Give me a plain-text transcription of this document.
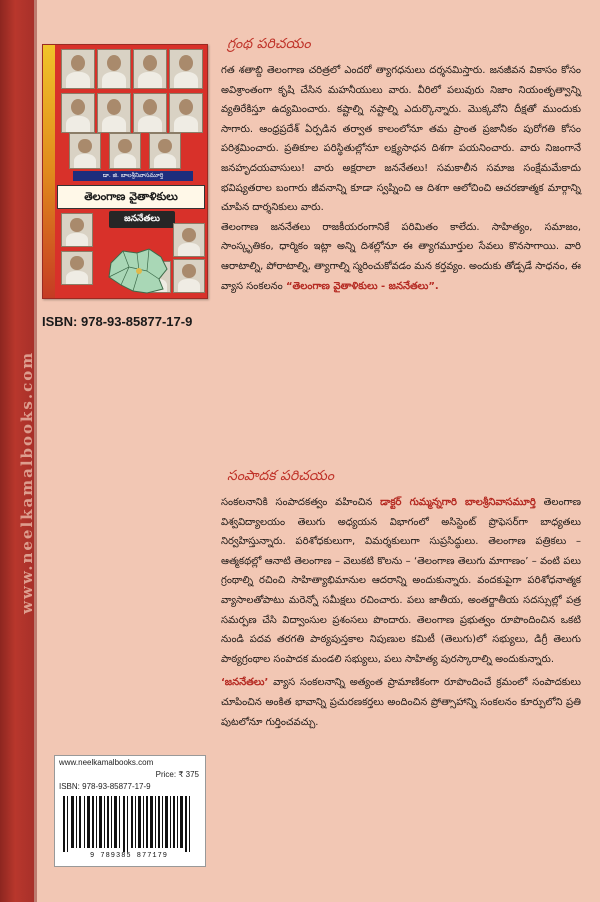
www.neelkamalbooks.com
డా. జి. బాలశ్రీనివాసమూర్తి
తెలంగాణ వైతాళికులు
జననేతలు
ISBN: 978-93-85877-17-9
గ్రంథ పరిచయం

గత శతాబ్ది తెలంగాణ చరిత్రలో ఎందరో త్యాగధనులు దర్శనమిస్తారు. జనజీవన వికాసం కోసం అవిశ్రాంతంగా కృషి చేసిన మహనీయులు వారు. వీరిలో పలువురు నిజాం నియంతృత్వాన్ని వ్యతిరేకిస్తూ ఉద్యమించారు. కష్టాల్ని నష్టాల్ని ఎదుర్కొన్నారు. మొక్కవోని దీక్షతో ముందుకు సాగారు. ఆంధ్రప్రదేశ్ ఏర్పడిన తర్వాత కాలంలోనూ తమ ప్రాంత ప్రజానీకం పురోగతి కోసం పరిశ్రమించారు. ప్రతికూల పరిస్థితుల్లోనూ లక్ష్యసాధన దిశగా పయనించారు. వారు నిజంగానే జనహృదయవాసులు! వారు అక్షరాలా జననేతలు! సమకాలీన సమాజ సంక్షేమమేకాదు భవిష్యతరాల బంగారు జీవనాన్ని కూడా స్వప్నించి ఆ దిశగా ఆలోచించి ఆచరణాత్మక మార్గాన్ని చూపిన దార్శనికులు వారు.

తెలంగాణ జననేతలు రాజకీయరంగానికే పరిమితం కాలేదు. సాహిత్యం, సమాజం, సాంస్కృతికం, ధార్మికం ఇట్లా అన్ని దిశల్లోనూ ఈ త్యాగమూర్తుల సేవలు కొనసాగాయి. వారి ఆరాటాల్ని, పోరాటాల్ని, త్యాగాల్ని స్మరించుకోవడం మన కర్తవ్యం. అందుకు తోడ్పడే సాధనం, ఈ వ్యాస సంకలనం “తెలంగాణ వైతాళికులు - జననేతలు”.

సంపాదక పరిచయం

సంకలనానికి సంపాదకత్వం వహించిన డాక్టర్ గుమ్మన్నగారి బాలశ్రీనివాసమూర్తి తెలంగాణ విశ్వవిద్యాలయం తెలుగు అధ్యయన విభాగంలో అసిస్టెంట్ ప్రొఫెసర్‌గా బాధ్యతలు నిర్వహిస్తున్నారు. పరిశోధకులుగా, విమర్శకులుగా సుప్రసిద్ధులు. తెలంగాణ పత్రికలు – ఆత్మకథల్లో ఆనాటి తెలంగాణ – వెలుకటి కొలను – ‘తెలంగాణ తెలుగు మాగాణం’ – వంటి పలు గ్రంథాల్ని రచించి సాహిత్యాభిమానుల ఆదరాన్ని అందుకున్నారు. వందకుపైగా పరిశోధనాత్మక వ్యాసాలతోపాటు మరెన్నో సమీక్షలు రచించారు. పలు జాతీయ, అంతర్జాతీయ సదస్సుల్లో పత్ర సమర్పణ చేసి విద్వాంసుల ప్రశంసలు పొందారు. తెలంగాణ ప్రభుత్వం రూపొందించిన ఒకటి నుండి పదవ తరగతి పాఠ్యపుస్తకాల నిపుణుల కమిటీ (తెలుగు)లో సభ్యులు, డిగ్రీ తెలుగు పాఠ్యగ్రంథాల సంపాదక మండలి సభ్యులు, పలు సాహిత్య పురస్కారాల్ని అందుకున్నారు.

‘జననేతలు’ వ్యాస సంకలనాన్ని అత్యంత ప్రామాణికంగా రూపొందించే క్రమంలో సంపాదకులు చూపించిన అంకిత భావాన్ని ప్రచురణకర్తలు అందించిన ప్రోత్సాహాన్ని సంకలనం కూర్పులోని ప్రతి పుటలోనూ గుర్తించవచ్చు.

www.neelkamalbooks.com
Price: ₹ 375
ISBN: 978-93-85877-17-9
9 789385 877179
